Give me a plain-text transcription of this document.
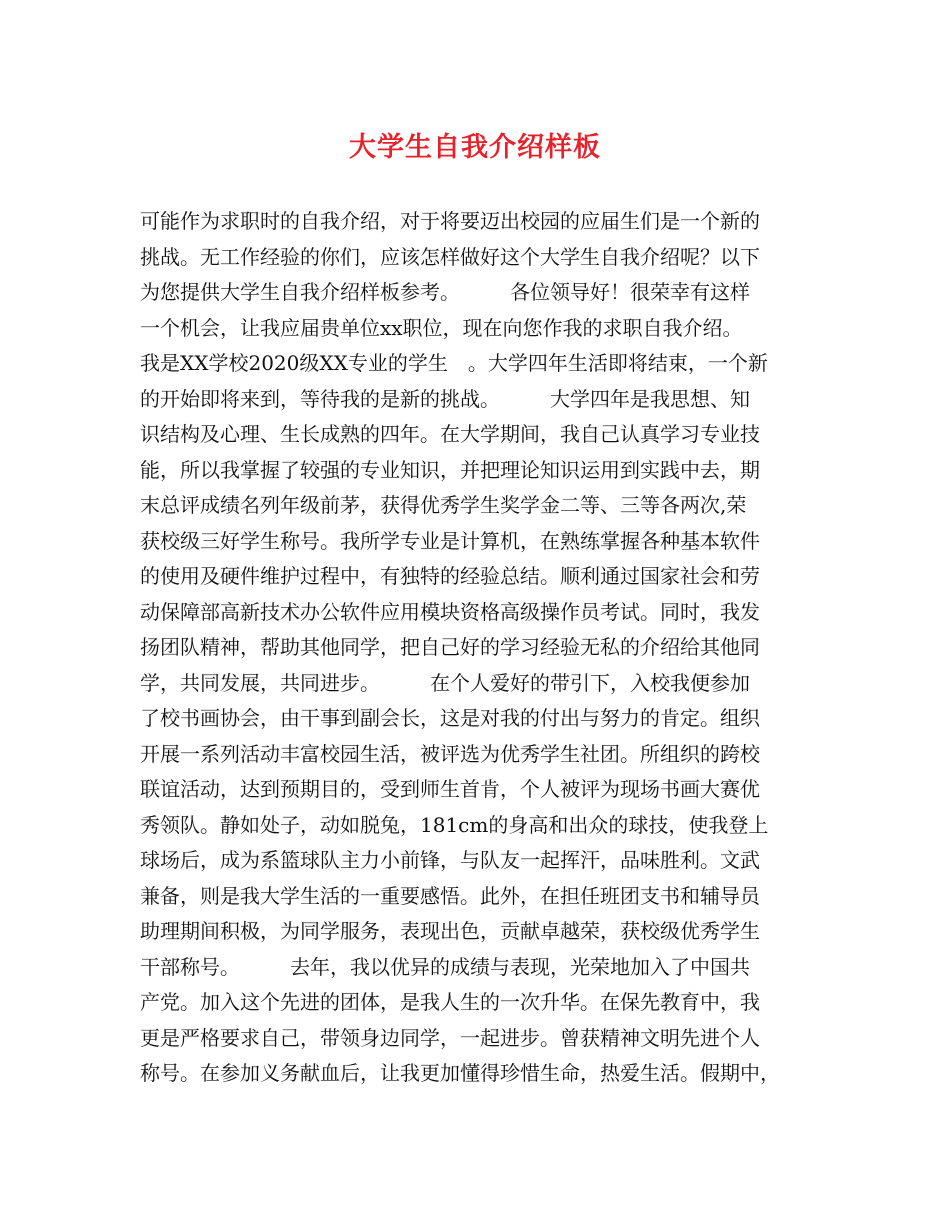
大学生自我介绍样板
可能作为求职时的自我介绍，对于将要迈出校园的应届生们是一个新的
挑战。无工作经验的你们，应该怎样做好这个大学生自我介绍呢？以下
为您提供大学生自我介绍样板参考。　　　各位领导好！很荣幸有这样
一个机会，让我应届贵单位xx职位，现在向您作我的求职自我介绍。
我是XX学校2020级XX专业的学生　。大学四年生活即将结束，一个新
的开始即将来到，等待我的是新的挑战。　　　大学四年是我思想、知
识结构及心理、生长成熟的四年。在大学期间，我自己认真学习专业技
能，所以我掌握了较强的专业知识，并把理论知识运用到实践中去，期
末总评成绩名列年级前茅，获得优秀学生奖学金二等、三等各两次,荣
获校级三好学生称号。我所学专业是计算机，在熟练掌握各种基本软件
的使用及硬件维护过程中，有独特的经验总结。顺利通过国家社会和劳
动保障部高新技术办公软件应用模块资格高级操作员考试。同时，我发
扬团队精神，帮助其他同学，把自己好的学习经验无私的介绍给其他同
学，共同发展，共同进步。　　　在个人爱好的带引下，入校我便参加
了校书画协会，由干事到副会长，这是对我的付出与努力的肯定。组织
开展一系列活动丰富校园生活，被评选为优秀学生社团。所组织的跨校
联谊活动，达到预期目的，受到师生首肯，个人被评为现场书画大赛优
秀领队。静如处子，动如脱兔，181cm的身高和出众的球技，使我登上
球场后，成为系篮球队主力小前锋，与队友一起挥汗，品味胜利。文武
兼备，则是我大学生活的一重要感悟。此外，在担任班团支书和辅导员
助理期间积极，为同学服务，表现出色，贡献卓越荣，获校级优秀学生
干部称号。　　　去年，我以优异的成绩与表现，光荣地加入了中国共
产党。加入这个先进的团体，是我人生的一次升华。在保先教育中，我
更是严格要求自己，带领身边同学，一起进步。曾获精神文明先进个人
称号。在参加义务献血后，让我更加懂得珍惜生命，热爱生活。假期中，
